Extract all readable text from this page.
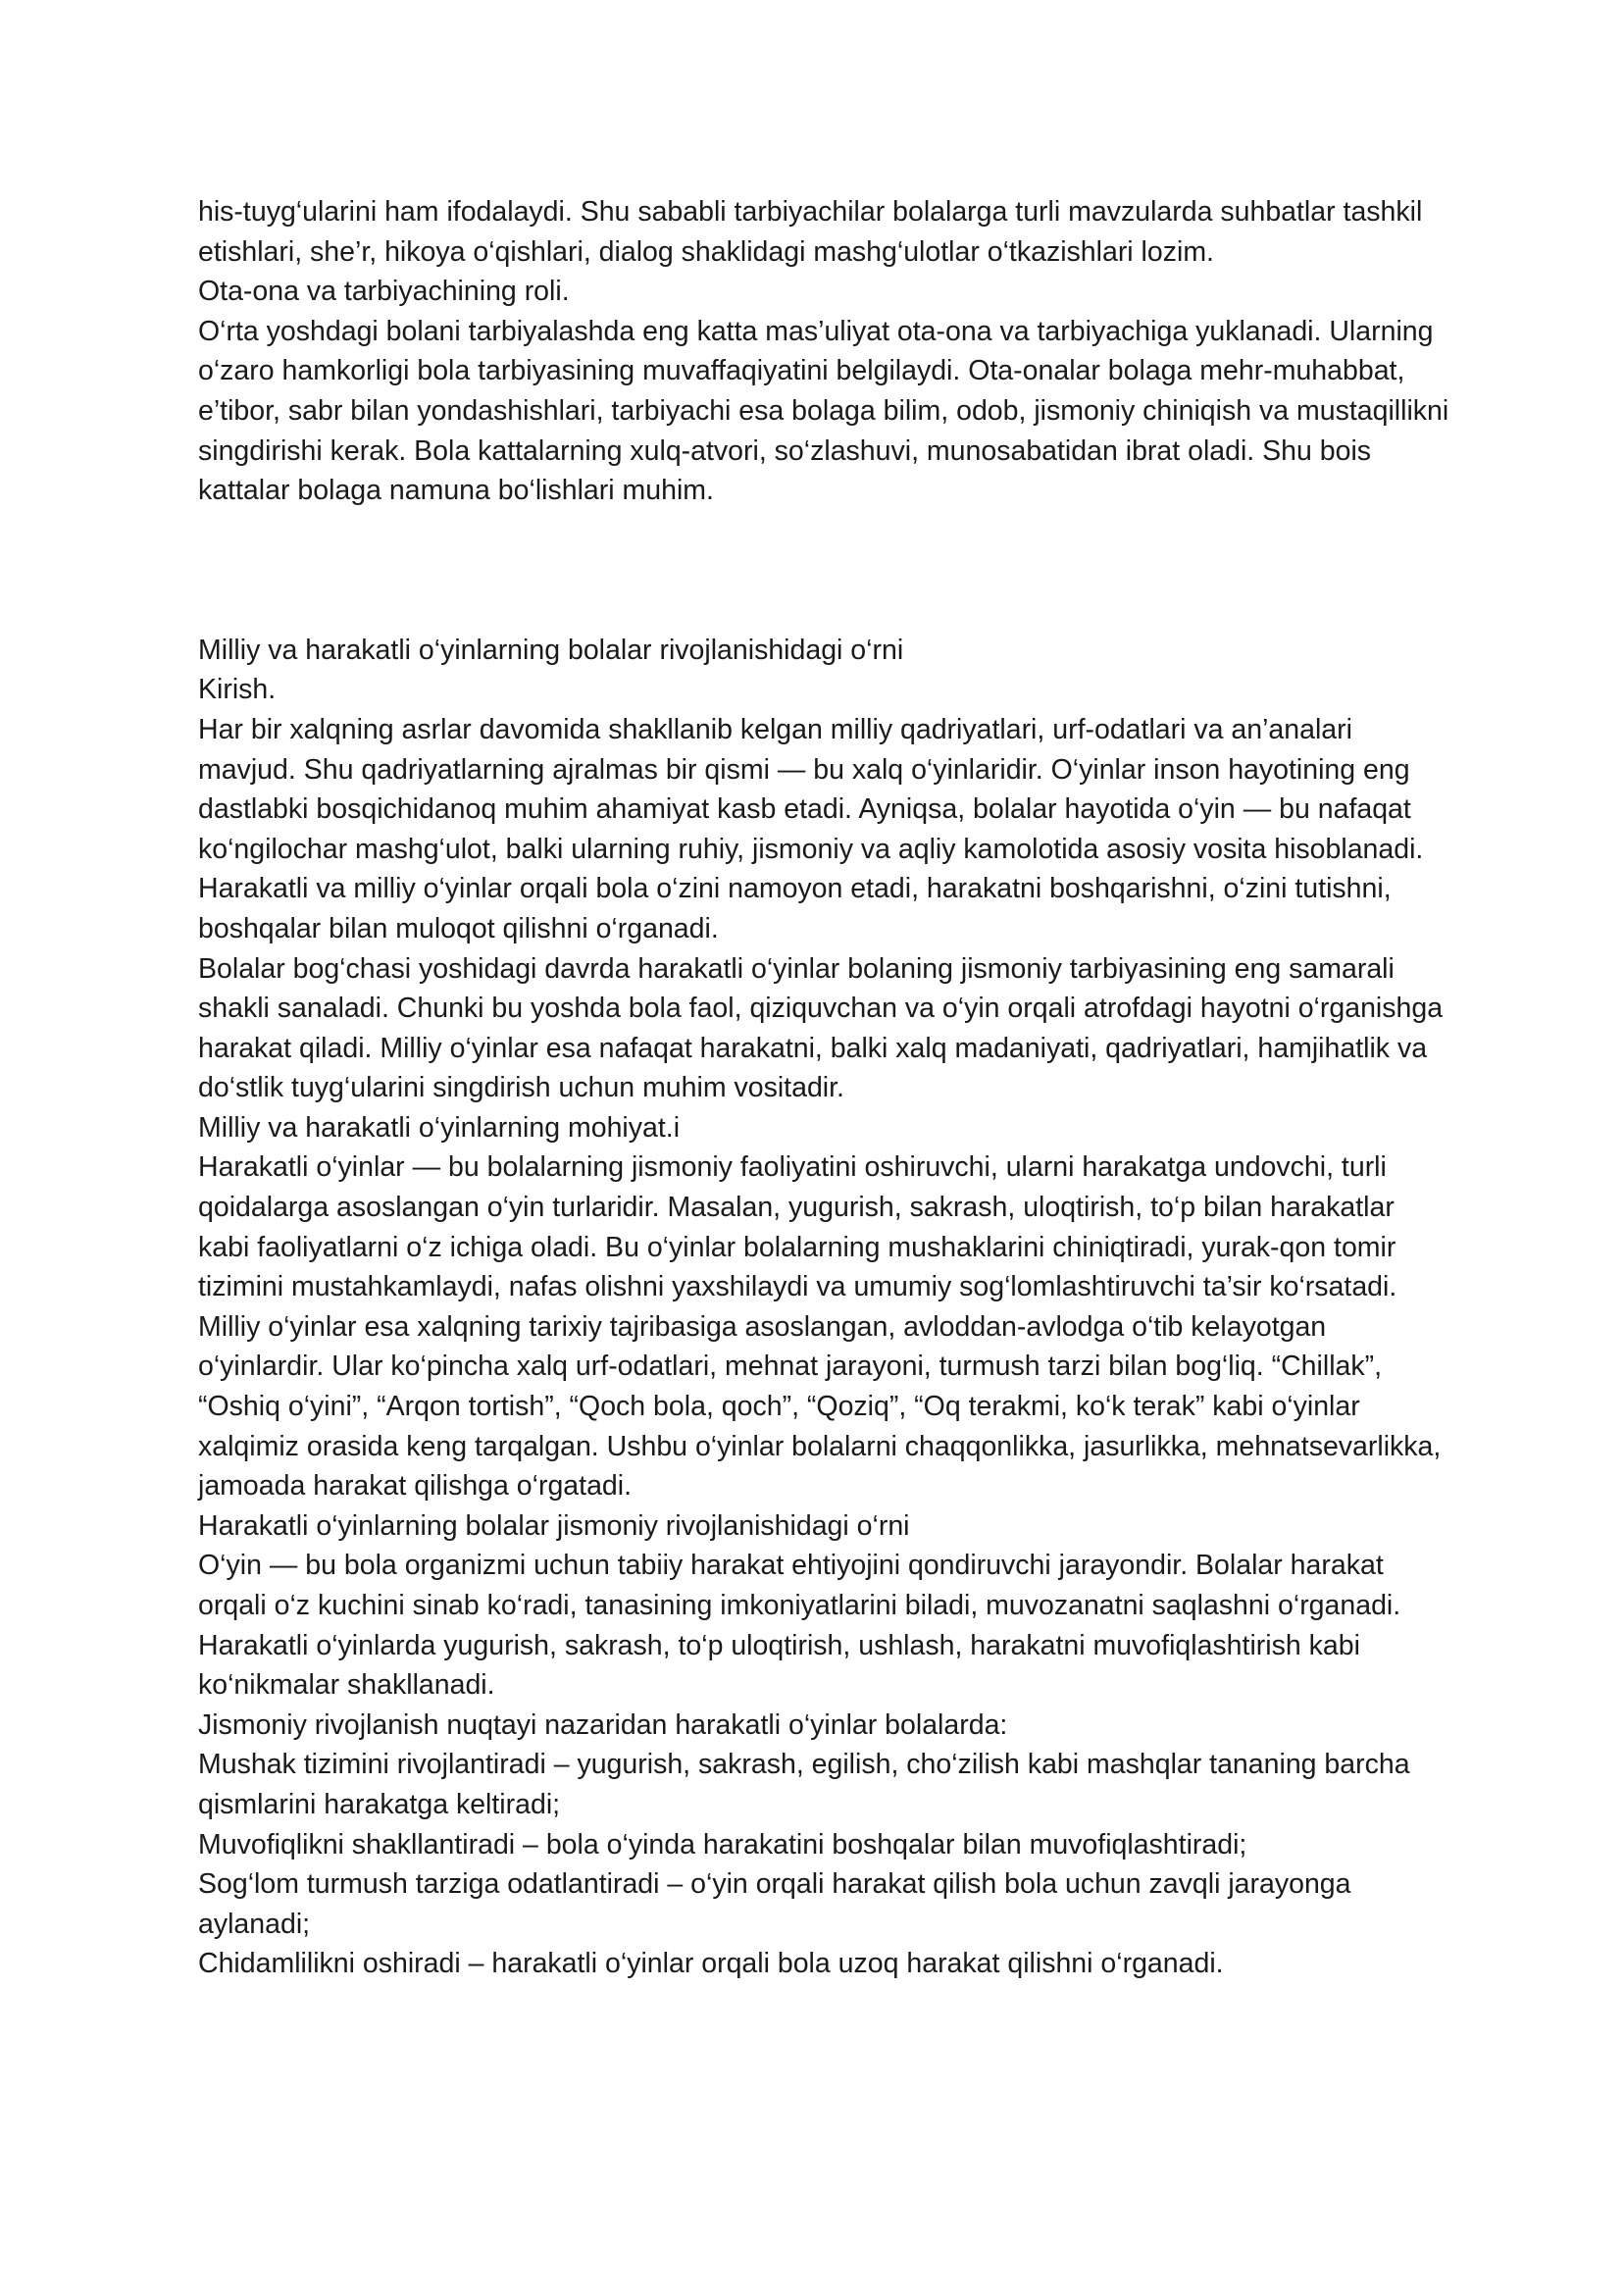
his-tuyg‘ularini ham ifodalaydi. Shu sababli tarbiyachilar bolalarga turli mavzularda suhbatlar tashkil etishlari, she’r, hikoya o‘qishlari, dialog shaklidagi mashg‘ulotlar o‘tkazishlari lozim.

Ota-ona va tarbiyachining roli.

O‘rta yoshdagi bolani tarbiyalashda eng katta mas’uliyat ota-ona va tarbiyachiga yuklanadi. Ularning o‘zaro hamkorligi bola tarbiyasining muvaffaqiyatini belgilaydi. Ota-onalar bolaga mehr-muhabbat, e’tibor, sabr bilan yondashishlari, tarbiyachi esa bolaga bilim, odob, jismoniy chiniqish va mustaqillikni singdirishi kerak. Bola kattalarning xulq-atvori, so‘zlashuvi, munosabatidan ibrat oladi. Shu bois kattalar bolaga namuna bo‘lishlari muhim.

Milliy va harakatli o‘yinlarning bolalar rivojlanishidagi o‘rni

Kirish.

Har bir xalqning asrlar davomida shakllanib kelgan milliy qadriyatlari, urf-odatlari va an’analari mavjud. Shu qadriyatlarning ajralmas bir qismi — bu xalq o‘yinlaridir. O‘yinlar inson hayotining eng dastlabki bosqichidanoq muhim ahamiyat kasb etadi. Ayniqsa, bolalar hayotida o‘yin — bu nafaqat ko‘ngilochar mashg‘ulot, balki ularning ruhiy, jismoniy va aqliy kamolotida asosiy vosita hisoblanadi. Harakatli va milliy o‘yinlar orqali bola o‘zini namoyon etadi, harakatni boshqarishni, o‘zini tutishni, boshqalar bilan muloqot qilishni o‘rganadi.

Bolalar bog‘chasi yoshidagi davrda harakatli o‘yinlar bolaning jismoniy tarbiyasining eng samarali shakli sanaladi. Chunki bu yoshda bola faol, qiziquvchan va o‘yin orqali atrofdagi hayotni o‘rganishga harakat qiladi. Milliy o‘yinlar esa nafaqat harakatni, balki xalq madaniyati, qadriyatlari, hamjihatlik va do‘stlik tuyg‘ularini singdirish uchun muhim vositadir.

Milliy va harakatli o‘yinlarning mohiyat.i

Harakatli o‘yinlar — bu bolalarning jismoniy faoliyatini oshiruvchi, ularni harakatga undovchi, turli qoidalarga asoslangan o‘yin turlaridir. Masalan, yugurish, sakrash, uloqtirish, to‘p bilan harakatlar kabi faoliyatlarni o‘z ichiga oladi. Bu o‘yinlar bolalarning mushaklarini chiniqtiradi, yurak-qon tomir tizimini mustahkamlaydi, nafas olishni yaxshilaydi va umumiy sog‘lomlashtiruvchi ta’sir ko‘rsatadi.

Milliy o‘yinlar esa xalqning tarixiy tajribasiga asoslangan, avloddan-avlodga o‘tib kelayotgan o‘yinlardir. Ular ko‘pincha xalq urf-odatlari, mehnat jarayoni, turmush tarzi bilan bog‘liq. “Chillak”, “Oshiq o‘yini”, “Arqon tortish”, “Qoch bola, qoch”, “Qoziq”, “Oq terakmi, ko‘k terak” kabi o‘yinlar xalqimiz orasida keng tarqalgan. Ushbu o‘yinlar bolalarni chaqqonlikka, jasurlikka, mehnatsevarlikka, jamoada harakat qilishga o‘rgatadi.

Harakatli o‘yinlarning bolalar jismoniy rivojlanishidagi o‘rni

O‘yin — bu bola organizmi uchun tabiiy harakat ehtiyojini qondiruvchi jarayondir. Bolalar harakat orqali o‘z kuchini sinab ko‘radi, tanasining imkoniyatlarini biladi, muvozanatni saqlashni o‘rganadi. Harakatli o‘yinlarda yugurish, sakrash, to‘p uloqtirish, ushlash, harakatni muvofiqlashtirish kabi ko‘nikmalar shakllanadi.

Jismoniy rivojlanish nuqtayi nazaridan harakatli o‘yinlar bolalarda:

Mushak tizimini rivojlantiradi – yugurish, sakrash, egilish, cho‘zilish kabi mashqlar tananing barcha qismlarini harakatga keltiradi;

Muvofiqlikni shakllantiradi – bola o‘yinda harakatini boshqalar bilan muvofiqlashtiradi;

Sog‘lom turmush tarziga odatlantiradi – o‘yin orqali harakat qilish bola uchun zavqli jarayonga aylanadi;

Chidamlilikni oshiradi – harakatli o‘yinlar orqali bola uzoq harakat qilishni o‘rganadi.
